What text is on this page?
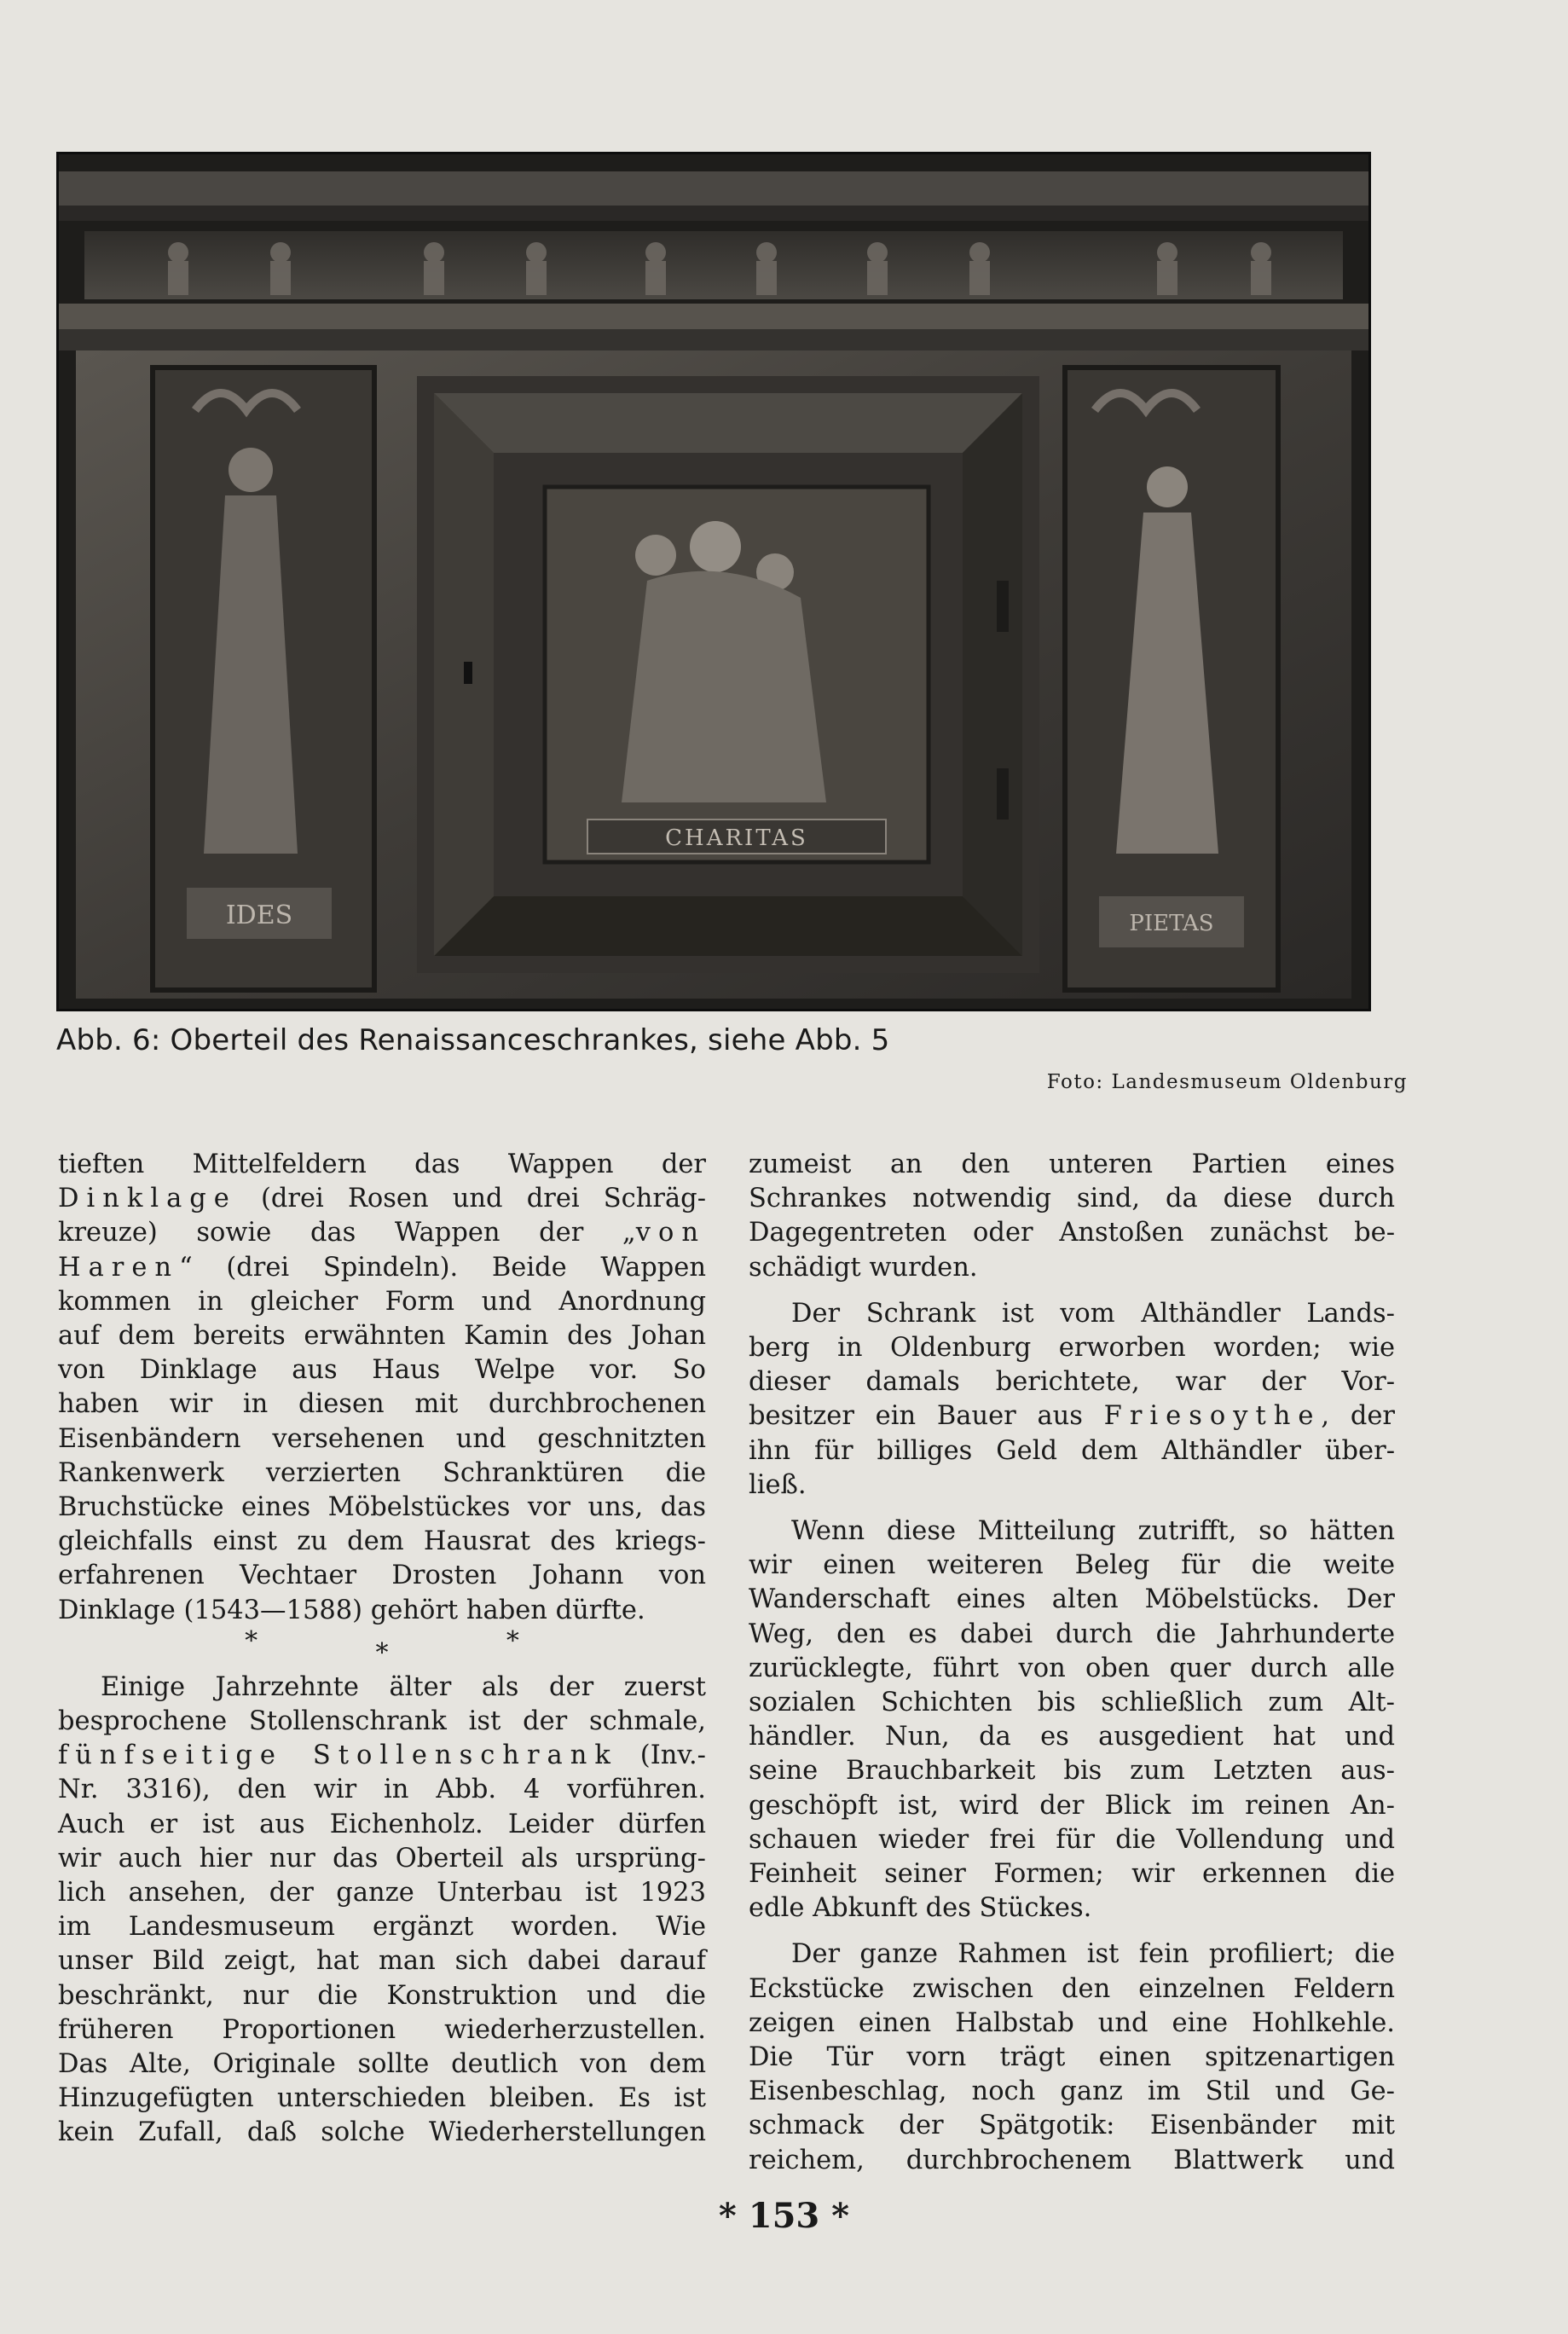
IDES	PIETAS
CHARITAS
Abb. 6: Oberteil des Renaissanceschrankes, siehe Abb. 5
Foto: Landesmuseum Oldenburg

tieften Mittelfeldern das Wappen der

Dinklage (drei Rosen und drei Schräg-

kreuze) sowie das Wappen der „von

Haren“ (drei Spindeln). Beide Wappen

kommen in gleicher Form und Anordnung

auf dem bereits erwähnten Kamin des Johan

von Dinklage aus Haus Welpe vor. So

haben wir in diesen mit durchbrochenen

Eisenbändern versehenen und geschnitzten

Rankenwerk verzierten Schranktüren die

Bruchstücke eines Möbelstückes vor uns, das

gleichfalls einst zu dem Hausrat des kriegs-

erfahrenen Vechtaer Drosten Johann von

Dinklage (1543—1588) gehört haben dürfte.

*	*	*

Einige Jahrzehnte älter als der zuerst

besprochene Stollenschrank ist der schmale,

fünfseitige Stollenschrank (Inv.-

Nr. 3316), den wir in Abb. 4 vorführen.

Auch er ist aus Eichenholz. Leider dürfen

wir auch hier nur das Oberteil als ursprüng-

lich ansehen, der ganze Unterbau ist 1923

im Landesmuseum ergänzt worden. Wie

unser Bild zeigt, hat man sich dabei darauf

beschränkt, nur die Konstruktion und die

früheren Proportionen wiederherzustellen.

Das Alte, Originale sollte deutlich von dem

Hinzugefügten unterschieden bleiben. Es ist

kein Zufall, daß solche Wiederherstellungen

zumeist an den unteren Partien eines

Schrankes notwendig sind, da diese durch

Dagegentreten oder Anstoßen zunächst be-

schädigt wurden.

Der Schrank ist vom Althändler Lands-

berg in Oldenburg erworben worden; wie

dieser damals berichtete, war der Vor-

besitzer ein Bauer aus Friesoythe, der

ihn für billiges Geld dem Althändler über-

ließ.

Wenn diese Mitteilung zutrifft, so hätten

wir einen weiteren Beleg für die weite

Wanderschaft eines alten Möbelstücks. Der

Weg, den es dabei durch die Jahrhunderte

zurücklegte, führt von oben quer durch alle

sozialen Schichten bis schließlich zum Alt-

händler. Nun, da es ausgedient hat und

seine Brauchbarkeit bis zum Letzten aus-

geschöpft ist, wird der Blick im reinen An-

schauen wieder frei für die Vollendung und

Feinheit seiner Formen; wir erkennen die

edle Abkunft des Stückes.

Der ganze Rahmen ist fein profiliert; die

Eckstücke zwischen den einzelnen Feldern

zeigen einen Halbstab und eine Hohlkehle.

Die Tür vorn trägt einen spitzenartigen

Eisenbeschlag, noch ganz im Stil und Ge-

schmack der Spätgotik: Eisenbänder mit

reichem, durchbrochenem Blattwerk und

* 153 *
